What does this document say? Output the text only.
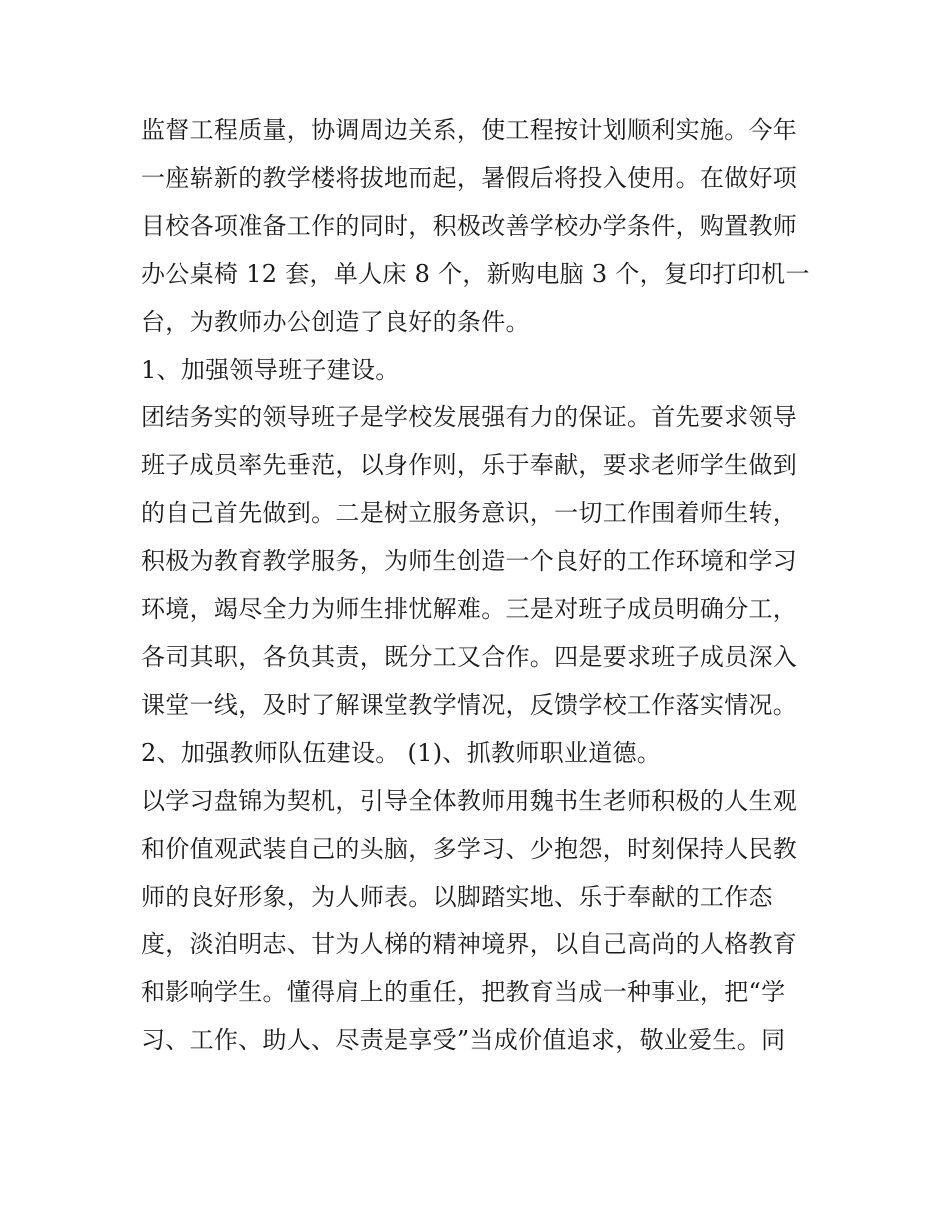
监督工程质量，协调周边关系，使工程按计划顺利实施。今年

一座崭新的教学楼将拔地而起，暑假后将投入使用。在做好项

目校各项准备工作的同时，积极改善学校办学条件，购置教师

办公桌椅 12 套，单人床 8 个，新购电脑 3 个，复印打印机一

台，为教师办公创造了良好的条件。

1、加强领导班子建设。

团结务实的领导班子是学校发展强有力的保证。首先要求领导

班子成员率先垂范，以身作则，乐于奉献，要求老师学生做到

的自己首先做到。二是树立服务意识，一切工作围着师生转，

积极为教育教学服务，为师生创造一个良好的工作环境和学习

环境，竭尽全力为师生排忧解难。三是对班子成员明确分工，

各司其职，各负其责，既分工又合作。四是要求班子成员深入

课堂一线，及时了解课堂教学情况，反馈学校工作落实情况。

2、加强教师队伍建设。 (1)、抓教师职业道德。

以学习盘锦为契机，引导全体教师用魏书生老师积极的人生观

和价值观武装自己的头脑，多学习、少抱怨，时刻保持人民教

师的良好形象，为人师表。以脚踏实地、乐于奉献的工作态

度，淡泊明志、甘为人梯的精神境界，以自己高尚的人格教育

和影响学生。懂得肩上的重任，把教育当成一种事业，把“学

习、工作、助人、尽责是享受”当成价值追求，敬业爱生。同
